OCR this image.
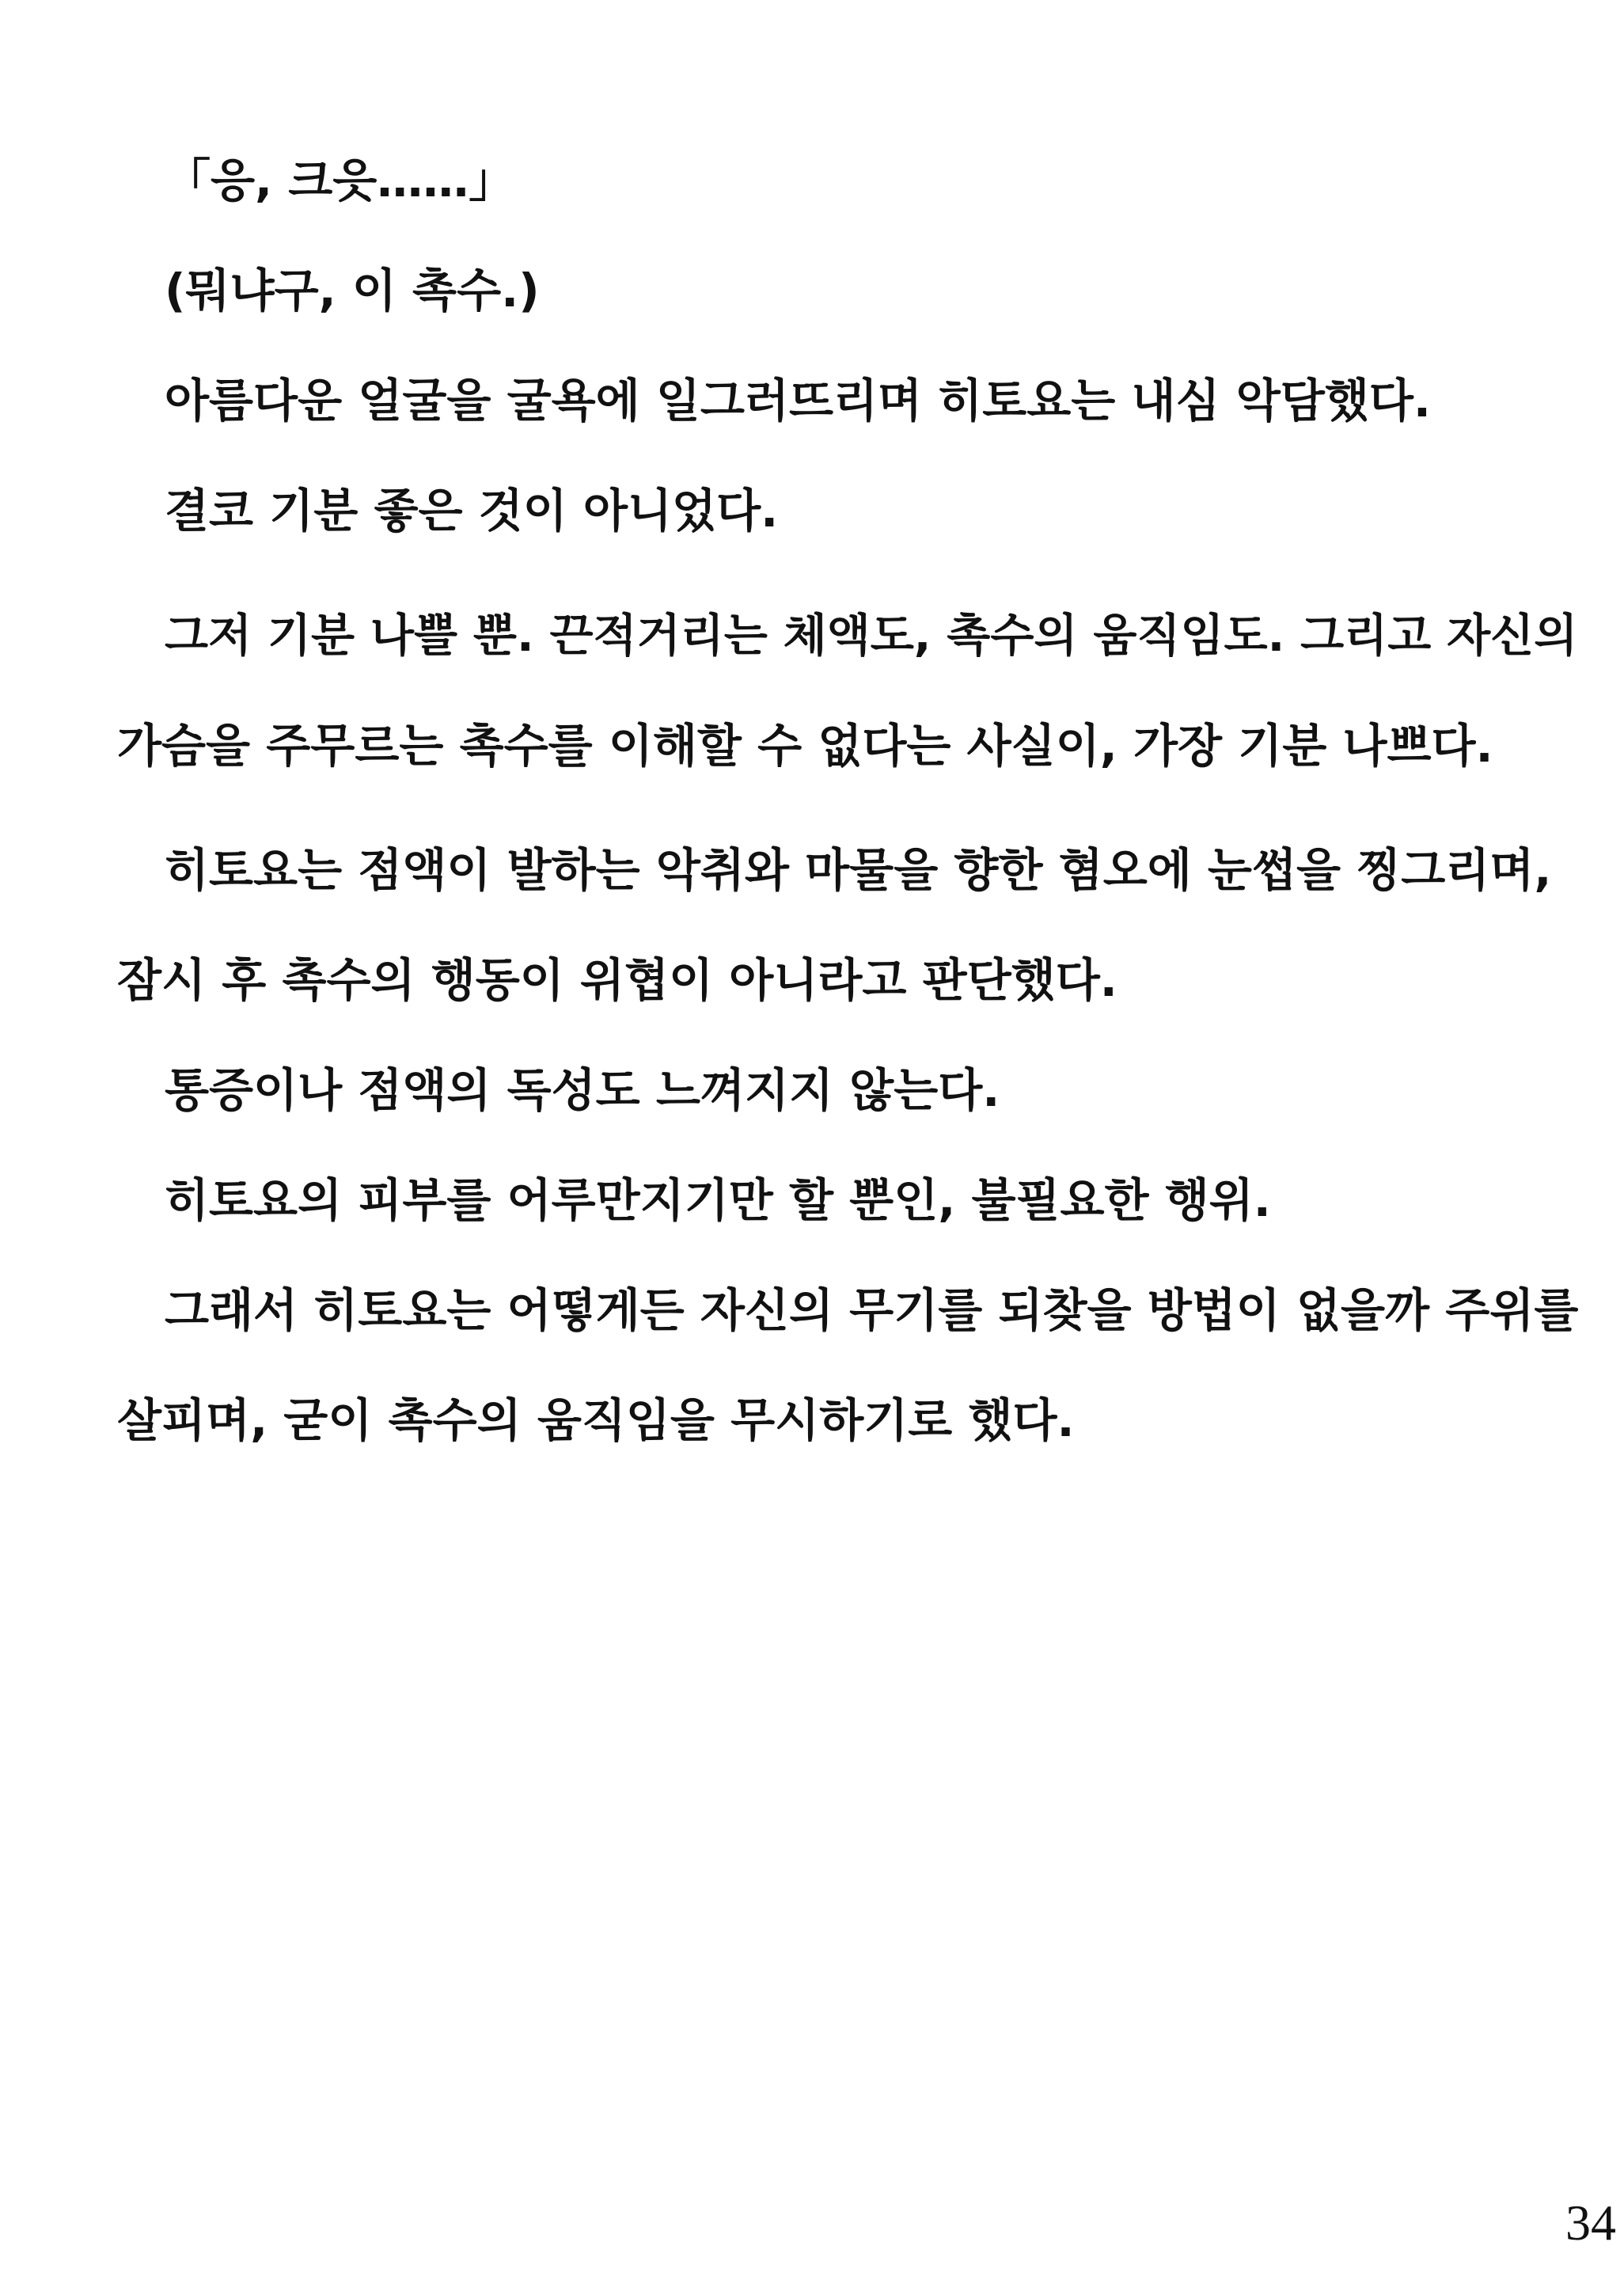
「응, 크읏……」
(뭐냐구, 이 촉수.)
아름다운 얼굴을 굴욕에 일그러뜨리며 히토요는 내심 악담했다.
결코 기분 좋은 것이 아니었다.
그저 기분 나쁠 뿐. 끈적거리는 체액도, 촉수의 움직임도. 그리고 자신의
가슴을 주무르는 촉수를 이해할 수 없다는 사실이, 가장 기분 나쁘다.
히토요는 점액이 발하는 악취와 마물을 향한 혐오에 눈썹을 찡그리며,
잠시 후 촉수의 행동이 위협이 아니라고 판단했다.
통증이나 점액의 독성도 느껴지지 않는다.
히토요의 피부를 어루만지기만 할 뿐인, 불필요한 행위.
그래서 히토요는 어떻게든 자신의 무기를 되찾을 방법이 없을까 주위를
살피며, 굳이 촉수의 움직임을 무시하기로 했다.
34
